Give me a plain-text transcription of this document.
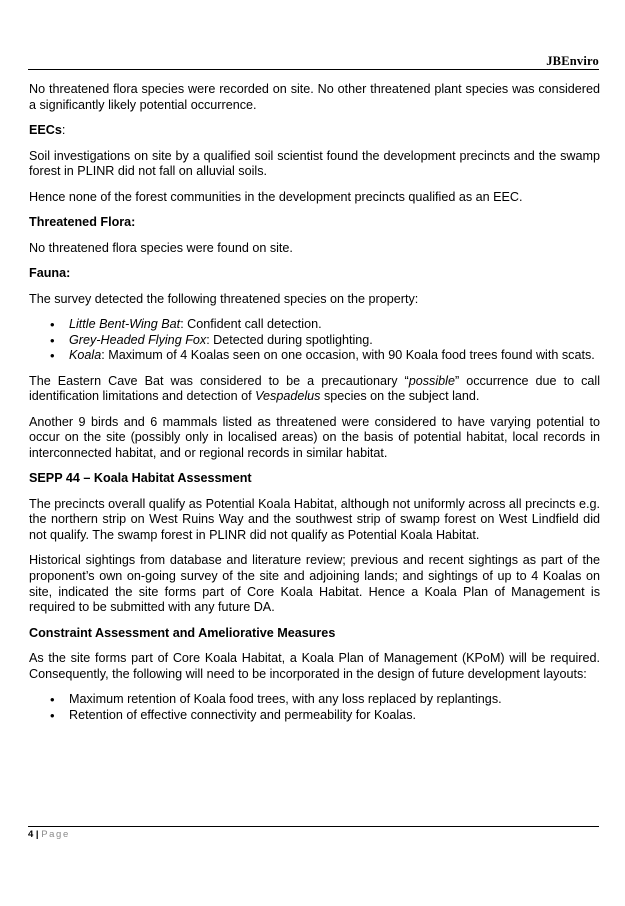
JBEnviro

No threatened flora species were recorded on site. No other threatened plant species was considered a significantly likely potential occurrence.

EECs:

Soil investigations on site by a qualified soil scientist found the development precincts and the swamp forest in PLINR did not fall on alluvial soils.

Hence none of the forest communities in the development precincts qualified as an EEC.

Threatened Flora:

No threatened flora species were found on site.

Fauna:

The survey detected the following threatened species on the property:

• Little Bent-Wing Bat: Confident call detection.
• Grey-Headed Flying Fox: Detected during spotlighting.
• Koala: Maximum of 4 Koalas seen on one occasion, with 90 Koala food trees found with scats.

The Eastern Cave Bat was considered to be a precautionary “possible” occurrence due to call identification limitations and detection of Vespadelus species on the subject land.

Another 9 birds and 6 mammals listed as threatened were considered to have varying potential to occur on the site (possibly only in localised areas) on the basis of potential habitat, local records in interconnected habitat, and or regional records in similar habitat.

SEPP 44 – Koala Habitat Assessment

The precincts overall qualify as Potential Koala Habitat, although not uniformly across all precincts e.g. the northern strip on West Ruins Way and the southwest strip of swamp forest on West Lindfield did not qualify. The swamp forest in PLINR did not qualify as Potential Koala Habitat.

Historical sightings from database and literature review; previous and recent sightings as part of the proponent’s own on-going survey of the site and adjoining lands; and sightings of up to 4 Koalas on site, indicated the site forms part of Core Koala Habitat. Hence a Koala Plan of Management is required to be submitted with any future DA.

Constraint Assessment and Ameliorative Measures

As the site forms part of Core Koala Habitat, a Koala Plan of Management (KPoM) will be required. Consequently, the following will need to be incorporated in the design of future development layouts:

• Maximum retention of Koala food trees, with any loss replaced by replantings.
• Retention of effective connectivity and permeability for Koalas.
4 | Page
